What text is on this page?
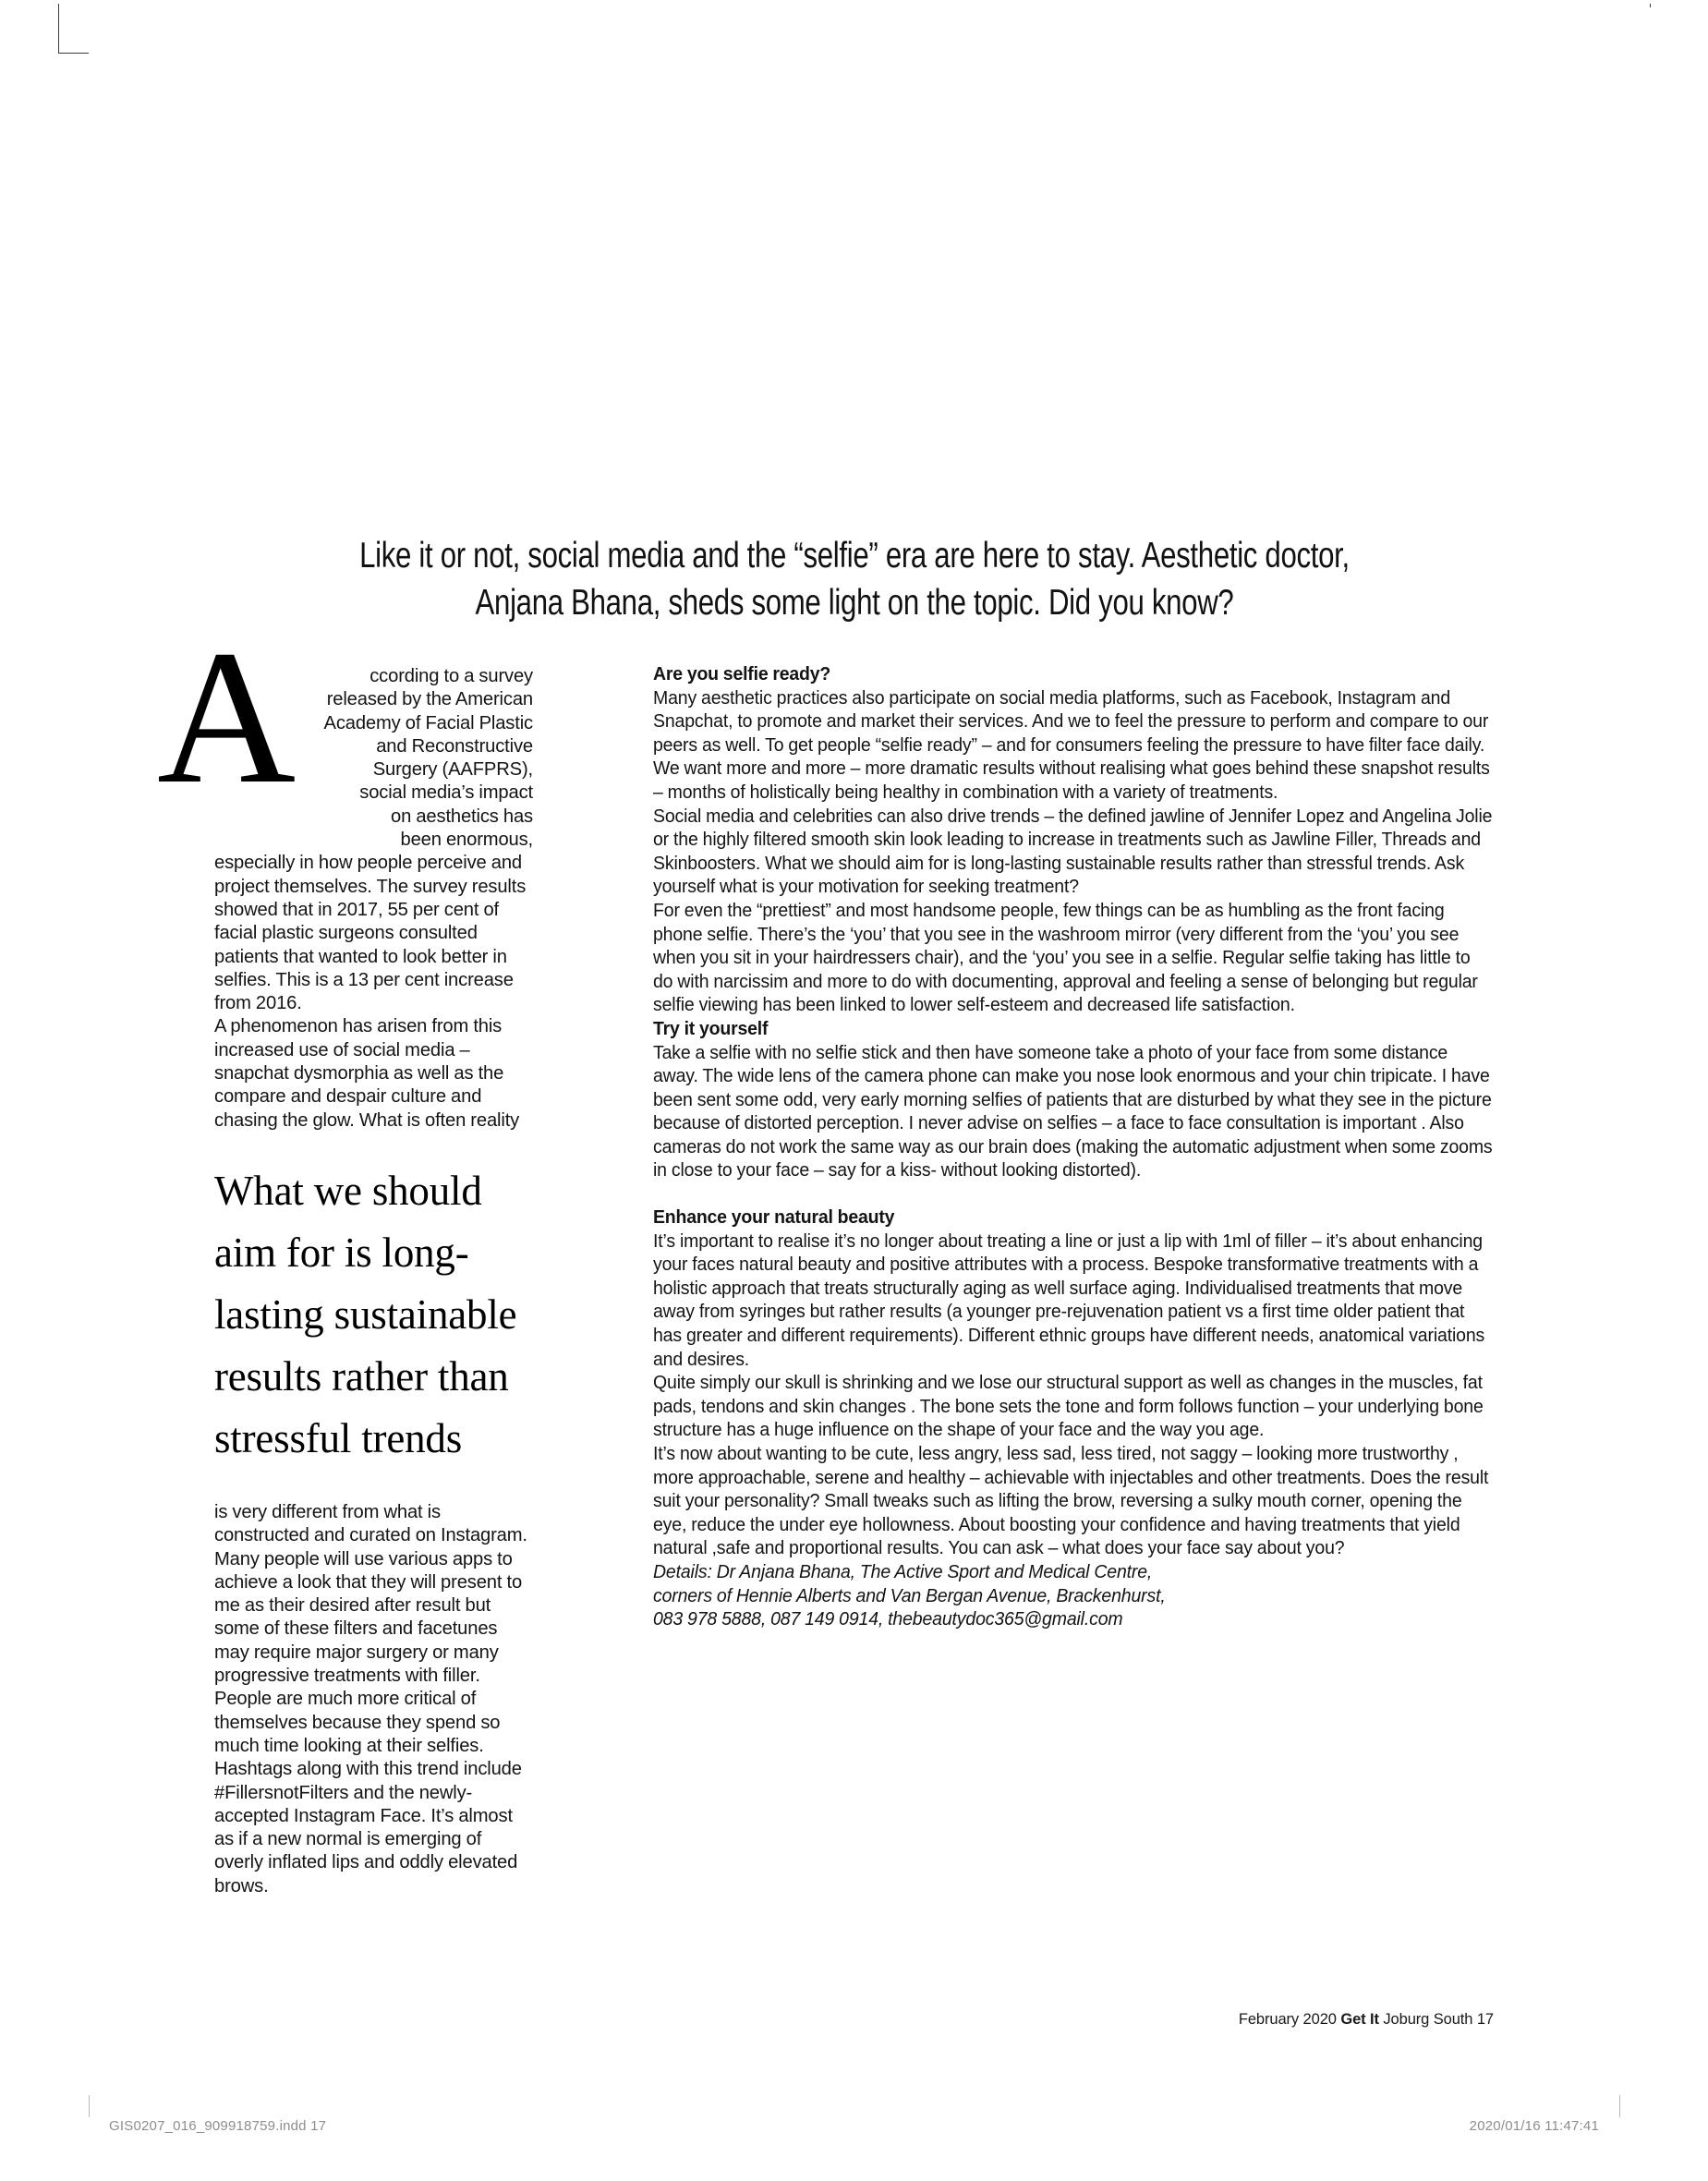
Like it or not, social media and the “selfie” era are here to stay. Aesthetic doctor,
Anjana Bhana, sheds some light on the topic. Did you know?
A	ccording to a survey
released by the American
Academy of Facial Plastic
and Reconstructive
Surgery (AAFPRS),
social media’s impact
on aesthetics has
been enormous,

especially in how people perceive and project themselves. The survey results showed that in 2017, 55 per cent of facial plastic surgeons consulted patients that wanted to look better in selfies. This is a 13 per cent increase from 2016.

A phenomenon has arisen from this increased use of social media – snapchat dysmorphia as well as the compare and despair culture and chasing the glow. What is often reality

What we should
aim for is long-
lasting sustainable
results rather than
stressful trends

is very different from what is constructed and curated on Instagram. Many people will use various apps to achieve a look that they will present to me as their desired after result but some of these filters and facetunes may require major surgery or many progressive treatments with filler. People are much more critical of themselves because they spend so much time looking at their selfies. Hashtags along with this trend include #FillersnotFilters and the newly-accepted Instagram Face. It’s almost as if a new normal is emerging of overly inflated lips and oddly elevated brows.

Are you selfie ready?

Many aesthetic practices also participate on social media platforms, such as Facebook, Instagram and Snapchat, to promote and market their services. And we to feel the pressure to perform and compare to our peers as well. To get people “selfie ready” – and for consumers feeling the pressure to have filter face daily. We want more and more – more dramatic results without realising what goes behind these snapshot results – months of holistically being healthy in combination with a variety of treatments.

Social media and celebrities can also drive trends – the defined jawline of Jennifer Lopez and Angelina Jolie or the highly filtered smooth skin look leading to increase in treatments such as Jawline Filler, Threads and Skinboosters. What we should aim for is long-lasting sustainable results rather than stressful trends. Ask yourself what is your motivation for seeking treatment?

For even the “prettiest” and most handsome people, few things can be as humbling as the front facing phone selfie. There’s the ‘you’ that you see in the washroom mirror (very different from the ‘you’ you see when you sit in your hairdressers chair), and the ‘you’ you see in a selfie. Regular selfie taking has little to do with narcissim and more to do with documenting, approval and feeling a sense of belonging but regular selfie viewing has been linked to lower self-esteem and decreased life satisfaction.

Try it yourself

Take a selfie with no selfie stick and then have someone take a photo of your face from some distance away. The wide lens of the camera phone can make you nose look enormous and your chin tripicate. I have been sent some odd, very early morning selfies of patients that are disturbed by what they see in the picture because of distorted perception. I never advise on selfies – a face to face consultation is important . Also cameras do not work the same way as our brain does (making the automatic adjustment when some zooms in close to your face – say for a kiss- without looking distorted).

Enhance your natural beauty

It’s important to realise it’s no longer about treating a line or just a lip with 1ml of filler – it’s about enhancing your faces natural beauty and positive attributes with a process. Bespoke transformative treatments with a holistic approach that treats structurally aging as well surface aging. Individualised treatments that move away from syringes but rather results (a younger pre-rejuvenation patient vs a first time older patient that has greater and different requirements). Different ethnic groups have different needs, anatomical variations and desires.

Quite simply our skull is shrinking and we lose our structural support as well as changes in the muscles, fat pads, tendons and skin changes . The bone sets the tone and form follows function – your underlying bone structure has a huge influence on the shape of your face and the way you age.

It’s now about wanting to be cute, less angry, less sad, less tired, not saggy – looking more trustworthy , more approachable, serene and healthy – achievable with injectables and other treatments. Does the result suit your personality? Small tweaks such as lifting the brow, reversing a sulky mouth corner, opening the eye, reduce the under eye hollowness. About boosting your confidence and having treatments that yield natural ,safe and proportional results. You can ask – what does your face say about you?

Details: Dr Anjana Bhana, The Active Sport and Medical Centre,

corners of Hennie Alberts and Van Bergan Avenue, Brackenhurst,

083 978 5888, 087 149 0914, thebeautydoc365@gmail.com

February 2020 Get It Joburg South 17
GIS0207_016_909918759.indd 17	2020/01/16 11:47:41
